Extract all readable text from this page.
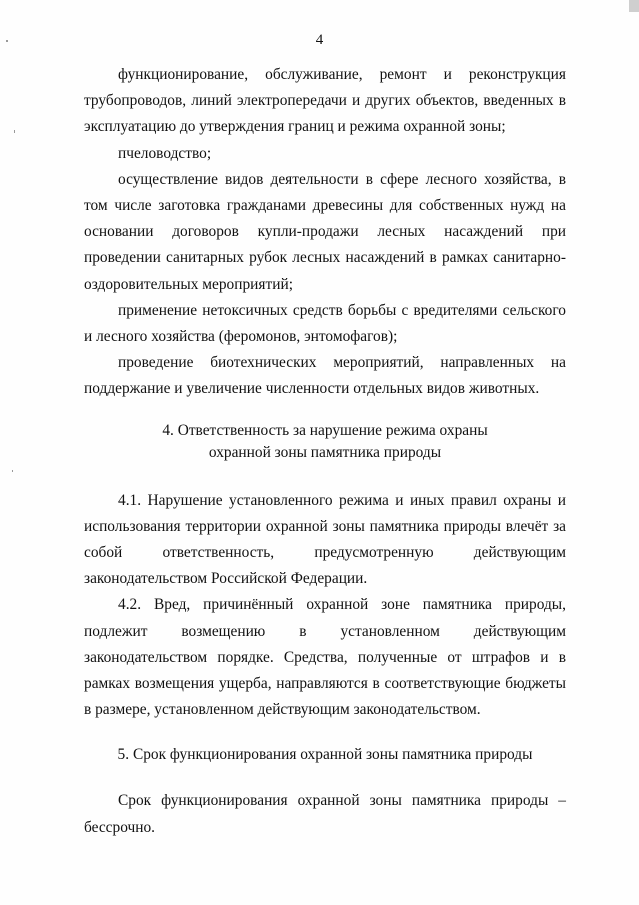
4

функционирование, обслуживание, ремонт и реконструкция трубопроводов, линий электропередачи и других объектов, введенных в эксплуатацию до утверждения границ и режима охранной зоны;

пчеловодство;

осуществление видов деятельности в сфере лесного хозяйства, в том числе заготовка гражданами древесины для собственных нужд на основании договоров купли-продажи лесных насаждений при проведении санитарных рубок лесных насаждений в рамках санитарно-оздоровительных мероприятий;

применение нетоксичных средств борьбы с вредителями сельского и лесного хозяйства (феромонов, энтомофагов);

проведение биотехнических мероприятий, направленных на поддержание и увеличение численности отдельных видов животных.

4. Ответственность за нарушение режима охраны

охранной зоны памятника природы

4.1. Нарушение установленного режима и иных правил охраны и использования территории охранной зоны памятника природы влечёт за собой ответственность, предусмотренную действующим законодательством Российской Федерации.

4.2. Вред, причинённый охранной зоне памятника природы, подлежит возмещению в установленном действующим законодательством порядке. Средства, полученные от штрафов и в рамках возмещения ущерба, направляются в соответствующие бюджеты в размере, установленном действующим законодательством.

5. Срок функционирования охранной зоны памятника природы

Срок функционирования охранной зоны памятника природы – бессрочно.
